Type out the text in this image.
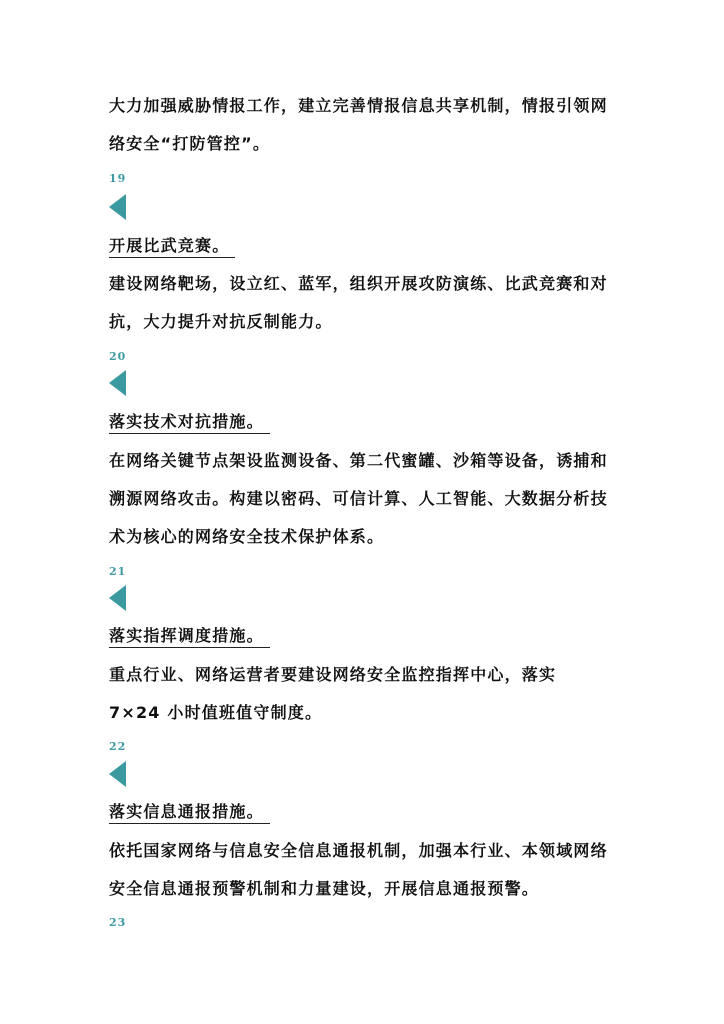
大力加强威胁情报工作，建立完善情报信息共享机制，情报引领网络安全“打防管控”。

19
开展比武竞赛。

建设网络靶场，设立红、蓝军，组织开展攻防演练、比武竞赛和对抗，大力提升对抗反制能力。

20
落实技术对抗措施。

在网络关键节点架设监测设备、第二代蜜罐、沙箱等设备，诱捕和溯源网络攻击。构建以密码、可信计算、人工智能、大数据分析技术为核心的网络安全技术保护体系。

21
落实指挥调度措施。

重点行业、网络运营者要建设网络安全监控指挥中心，落实 7×24 小时值班值守制度。

22
落实信息通报措施。

依托国家网络与信息安全信息通报机制，加强本行业、本领域网络安全信息通报预警机制和力量建设，开展信息通报预警。

23
